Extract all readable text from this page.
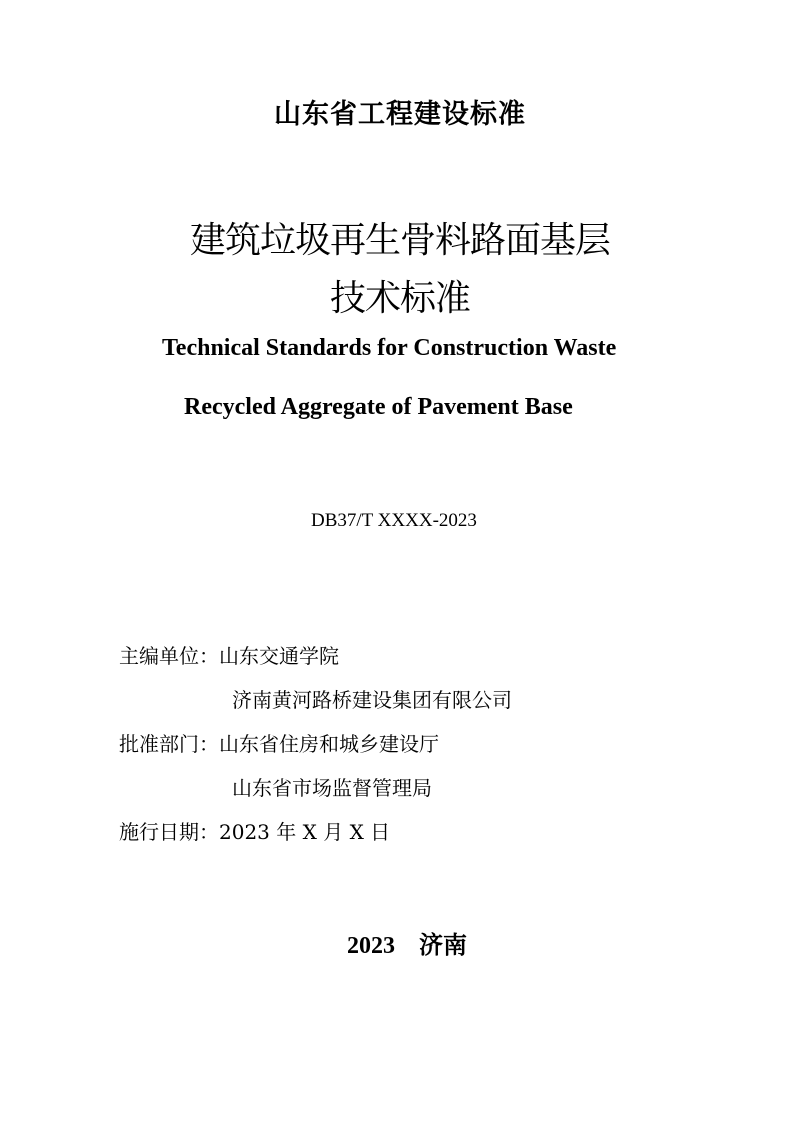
山东省工程建设标准
建筑垃圾再生骨料路面基层
技术标准
Technical Standards for Construction Waste
Recycled Aggregate of Pavement Base
DB37/T XXXX-2023
主编单位：山东交通学院
济南黄河路桥建设集团有限公司
批准部门：山东省住房和城乡建设厅
山东省市场监督管理局
施行日期：2023 年 X 月 X 日
2023 济南
